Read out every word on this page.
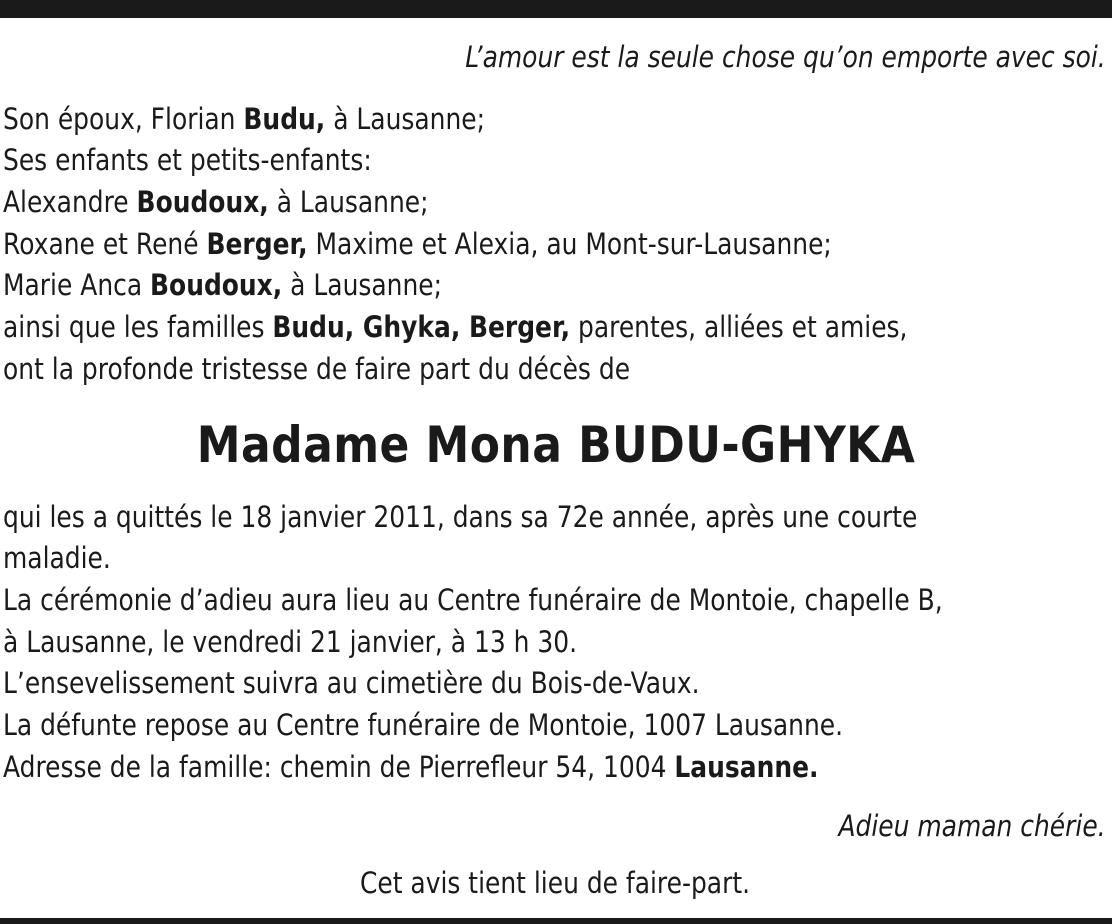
L’amour est la seule chose qu’on emporte avec soi.
Son époux, Florian Budu, à Lausanne;
Ses enfants et petits-enfants:
Alexandre Boudoux, à Lausanne;
Roxane et René Berger, Maxime et Alexia, au Mont-sur-Lausanne;
Marie Anca Boudoux, à Lausanne;
ainsi que les familles Budu, Ghyka, Berger, parentes, alliées et amies,
ont la profonde tristesse de faire part du décès de
Madame Mona BUDU-GHYKA
qui les a quittés le 18 janvier 2011, dans sa 72e année, après une courte
maladie.
La cérémonie d’adieu aura lieu au Centre funéraire de Montoie, chapelle B,
à Lausanne, le vendredi 21 janvier, à 13 h 30.
L’ensevelissement suivra au cimetière du Bois-de-Vaux.
La défunte repose au Centre funéraire de Montoie, 1007 Lausanne.
Adresse de la famille: chemin de Pierrefleur 54, 1004 Lausanne.
Adieu maman chérie.
Cet avis tient lieu de faire-part.
